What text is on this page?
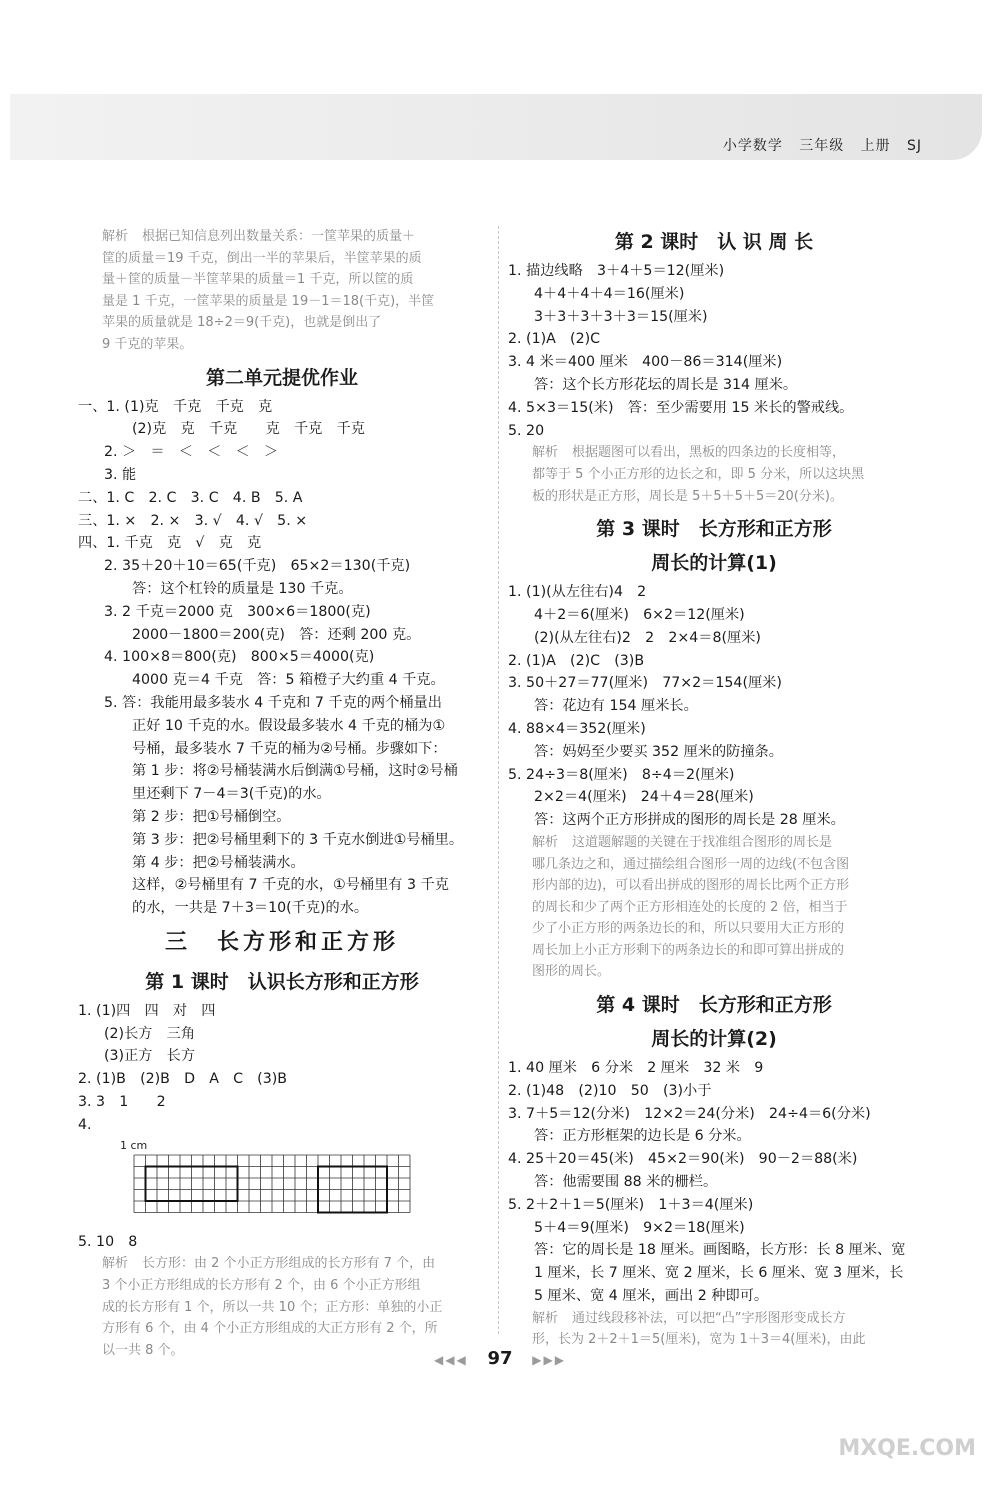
小学数学 三年级 上册 SJ
解析 根据已知信息列出数量关系：一筐苹果的质量＋
筐的质量＝19 千克，倒出一半的苹果后，半筐苹果的质
量＋筐的质量－半筐苹果的质量＝1 千克，所以筐的质
量是 1 千克，一筐苹果的质量是 19－1＝18(千克)，半筐
苹果的质量就是 18÷2＝9(千克)，也就是倒出了
9 千克的苹果。
第二单元提优作业
一、1. (1)克　千克　千克　克
(2)克　克　千克　　克　千克　千克
2. ＞　＝　＜　＜　＜　＞
3. 能
二、1. C　2. C　3. C　4. B　5. A
三、1. ×　2. ×　3. √　4. √　5. ×
四、1. 千克　克　√　克　克
2. 35＋20＋10＝65(千克)　65×2＝130(千克)
答：这个杠铃的质量是 130 千克。
3. 2 千克＝2000 克　300×6＝1800(克)
2000－1800＝200(克)　答：还剩 200 克。
4. 100×8＝800(克)　800×5＝4000(克)
4000 克＝4 千克　答：5 箱橙子大约重 4 千克。
5. 答：我能用最多装水 4 千克和 7 千克的两个桶量出
正好 10 千克的水。假设最多装水 4 千克的桶为①
号桶，最多装水 7 千克的桶为②号桶。步骤如下：
第 1 步：将②号桶装满水后倒满①号桶，这时②号桶
里还剩下 7－4＝3(千克)的水。
第 2 步：把①号桶倒空。
第 3 步：把②号桶里剩下的 3 千克水倒进①号桶里。
第 4 步：把②号桶装满水。
这样，②号桶里有 7 千克的水，①号桶里有 3 千克
的水，一共是 7＋3＝10(千克)的水。
三　长方形和正方形
第 1 课时　认识长方形和正方形
1. (1)四　四　对　四
(2)长方　三角
(3)正方　长方
2. (1)B　(2)B　D　A　C　(3)B
3. 3　1　　2
4.
1 cm
5. 10　8
解析 长方形：由 2 个小正方形组成的长方形有 7 个，由
3 个小正方形组成的长方形有 2 个，由 6 个小正方形组
成的长方形有 1 个，所以一共 10 个；正方形：单独的小正
方形有 6 个，由 4 个小正方形组成的大正方形有 2 个，所
以一共 8 个。
第 2 课时　认 识 周 长
1. 描边线略　3＋4＋5＝12(厘米)
4＋4＋4＋4＝16(厘米)
3＋3＋3＋3＋3＝15(厘米)
2. (1)A　(2)C
3. 4 米＝400 厘米　400－86＝314(厘米)
答：这个长方形花坛的周长是 314 厘米。
4. 5×3＝15(米)　答：至少需要用 15 米长的警戒线。
5. 20
解析 根据题图可以看出，黑板的四条边的长度相等，
都等于 5 个小正方形的边长之和，即 5 分米，所以这块黑
板的形状是正方形，周长是 5＋5＋5＋5＝20(分米)。
第 3 课时　长方形和正方形
周长的计算(1)
1. (1)(从左往右)4　2
4＋2＝6(厘米)　6×2＝12(厘米)
(2)(从左往右)2　2　2×4＝8(厘米)
2. (1)A　(2)C　(3)B
3. 50＋27＝77(厘米)　77×2＝154(厘米)
答：花边有 154 厘米长。
4. 88×4＝352(厘米)
答：妈妈至少要买 352 厘米的防撞条。
5. 24÷3＝8(厘米)　8÷4＝2(厘米)
2×2＝4(厘米)　24＋4＝28(厘米)
答：这两个正方形拼成的图形的周长是 28 厘米。
解析 这道题解题的关键在于找准组合图形的周长是
哪几条边之和，通过描绘组合图形一周的边线(不包含图
形内部的边)，可以看出拼成的图形的周长比两个正方形
的周长和少了两个正方形相连处的长度的 2 倍，相当于
少了小正方形的两条边长的和，所以只要用大正方形的
周长加上小正方形剩下的两条边长的和即可算出拼成的
图形的周长。
第 4 课时　长方形和正方形
周长的计算(2)
1. 40 厘米　6 分米　2 厘米　32 米　9
2. (1)48　(2)10　50　(3)小于
3. 7＋5＝12(分米)　12×2＝24(分米)　24÷4＝6(分米)
答：正方形框架的边长是 6 分米。
4. 25＋20＝45(米)　45×2＝90(米)　90－2＝88(米)
答：他需要围 88 米的栅栏。
5. 2＋2＋1＝5(厘米)　1＋3＝4(厘米)
5＋4＝9(厘米)　9×2＝18(厘米)
答：它的周长是 18 厘米。画图略，长方形：长 8 厘米、宽
1 厘米，长 7 厘米、宽 2 厘米，长 6 厘米、宽 3 厘米，长
5 厘米、宽 4 厘米，画出 2 种即可。
解析 通过线段移补法，可以把“凸”字形图形变成长方
形，长为 2＋2＋1＝5(厘米)，宽为 1＋3＝4(厘米)，由此
◀◀◀ 97 ▶▶▶
MXQE.COM
